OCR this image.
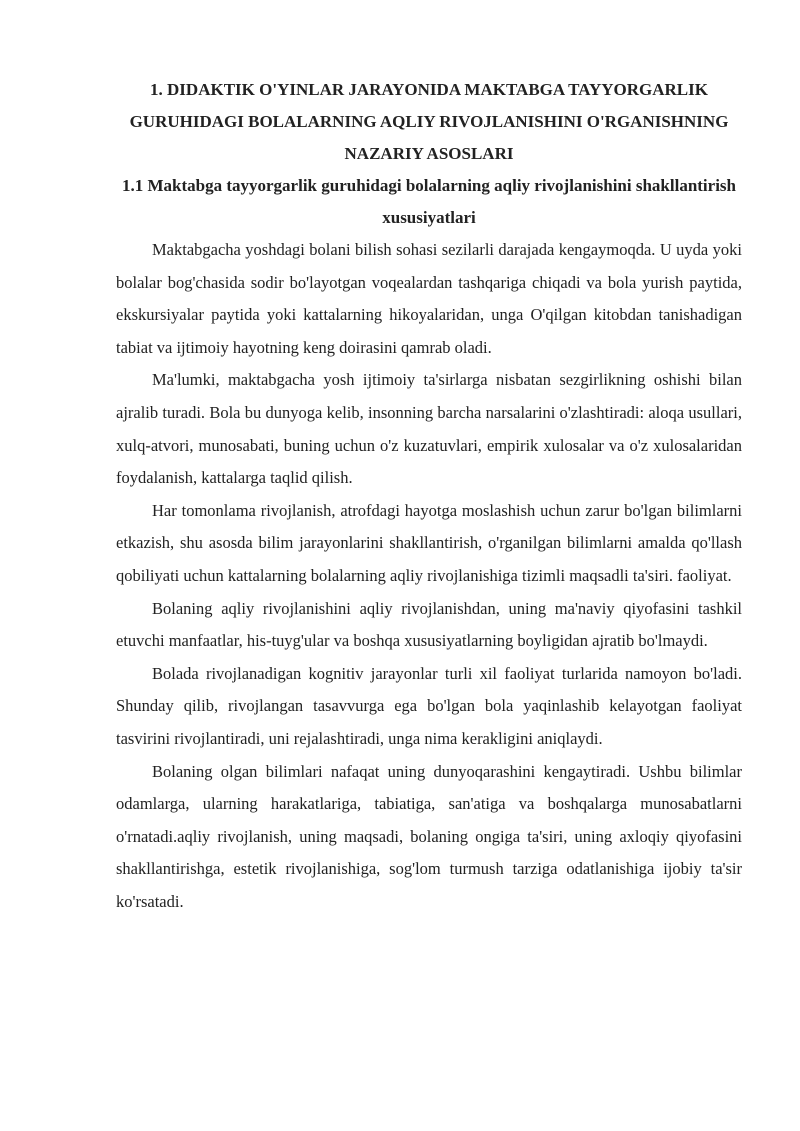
1. DIDAKTIK O'YINLAR JARAYONIDA MAKTABGA TAYYORGARLIK GURUHIDAGI BOLALARNING AQLIY RIVOJLANISHINI O'RGANISHNING NAZARIY ASOSLARI
1.1 Maktabga tayyorgarlik guruhidagi bolalarning aqliy rivojlanishini shakllantirish xususiyatlari

Maktabgacha yoshdagi bolani bilish sohasi sezilarli darajada kengaymoqda. U uyda yoki bolalar bog'chasida sodir bo'layotgan voqealardan tashqariga chiqadi va bola yurish paytida, ekskursiyalar paytida yoki kattalarning hikoyalaridan, unga O'qilgan kitobdan tanishadigan tabiat va ijtimoiy hayotning keng doirasini qamrab oladi.

Ma'lumki, maktabgacha yosh ijtimoiy ta'sirlarga nisbatan sezgirlikning oshishi bilan ajralib turadi. Bola bu dunyoga kelib, insonning barcha narsalarini o'zlashtiradi: aloqa usullari, xulq-atvori, munosabati, buning uchun o'z kuzatuvlari, empirik xulosalar va o'z xulosalaridan foydalanish, kattalarga taqlid qilish.

Har tomonlama rivojlanish, atrofdagi hayotga moslashish uchun zarur bo'lgan bilimlarni etkazish, shu asosda bilim jarayonlarini shakllantirish, o'rganilgan bilimlarni amalda qo'llash qobiliyati uchun kattalarning bolalarning aqliy rivojlanishiga tizimli maqsadli ta'siri. faoliyat.

Bolaning aqliy rivojlanishini aqliy rivojlanishdan, uning ma'naviy qiyofasini tashkil etuvchi manfaatlar, his-tuyg'ular va boshqa xususiyatlarning boyligidan ajratib bo'lmaydi.

Bolada rivojlanadigan kognitiv jarayonlar turli xil faoliyat turlarida namoyon bo'ladi. Shunday qilib, rivojlangan tasavvurga ega bo'lgan bola yaqinlashib kelayotgan faoliyat tasvirini rivojlantiradi, uni rejalashtiradi, unga nima kerakligini aniqlaydi.

Bolaning olgan bilimlari nafaqat uning dunyoqarashini kengaytiradi. Ushbu bilimlar odamlarga, ularning harakatlariga, tabiatiga, san'atiga va boshqalarga munosabatlarni o'rnatadi.aqliy rivojlanish, uning maqsadi, bolaning ongiga ta'siri, uning axloqiy qiyofasini shakllantirishga, estetik rivojlanishiga, sog'lom turmush tarziga odatlanishiga ijobiy ta'sir ko'rsatadi.
